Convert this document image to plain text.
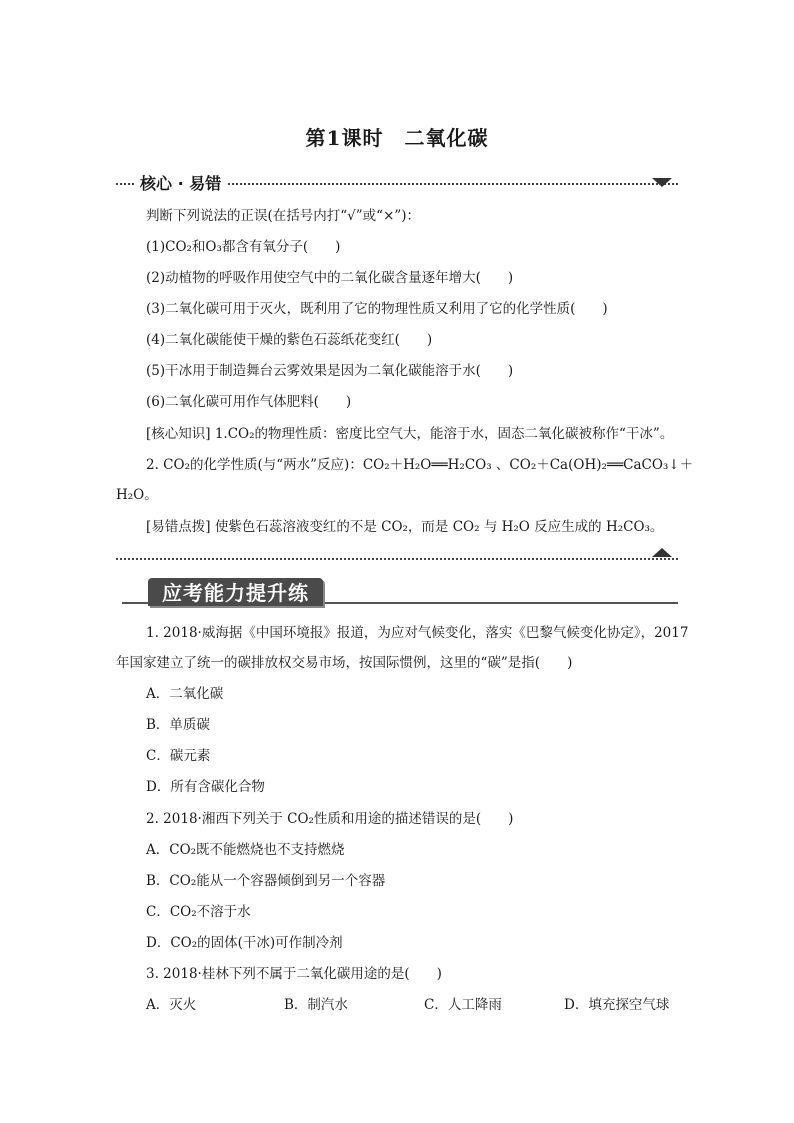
第1课时　二氧化碳
核心 · 易错
判断下列说法的正误(在括号内打“√”或“×”)：
(1)CO₂和O₃都含有氧分子(　　)
(2)动植物的呼吸作用使空气中的二氧化碳含量逐年增大(　　)
(3)二氧化碳可用于灭火，既利用了它的物理性质又利用了它的化学性质(　　)
(4)二氧化碳能使干燥的紫色石蕊纸花变红(　　)
(5)干冰用于制造舞台云雾效果是因为二氧化碳能溶于水(　　)
(6)二氧化碳可用作气体肥料(　　)
[核心知识] 1.CO₂的物理性质：密度比空气大，能溶于水，固态二氧化碳被称作“干冰”。
2. CO₂的化学性质(与“两水”反应)：CO₂＋H₂O══H₂CO₃ 、CO₂＋Ca(OH)₂══CaCO₃↓＋
H₂O。
[易错点拨] 使紫色石蕊溶液变红的不是 CO₂，而是 CO₂ 与 H₂O 反应生成的 H₂CO₃。
应考能力提升练
1. 2018·威海据《中国环境报》报道，为应对气候变化，落实《巴黎气候变化协定》，2017
年国家建立了统一的碳排放权交易市场，按国际惯例，这里的“碳”是指(　　)
A．二氧化碳
B．单质碳
C．碳元素
D．所有含碳化合物
2. 2018·湘西下列关于 CO₂性质和用途的描述错误的是(　　)
A．CO₂既不能燃烧也不支持燃烧
B．CO₂能从一个容器倾倒到另一个容器
C．CO₂不溶于水
D．CO₂的固体(干冰)可作制冷剂
3. 2018·桂林下列不属于二氧化碳用途的是(　　)
A．灭火	B．制汽水	C．人工降雨	D．填充探空气球
